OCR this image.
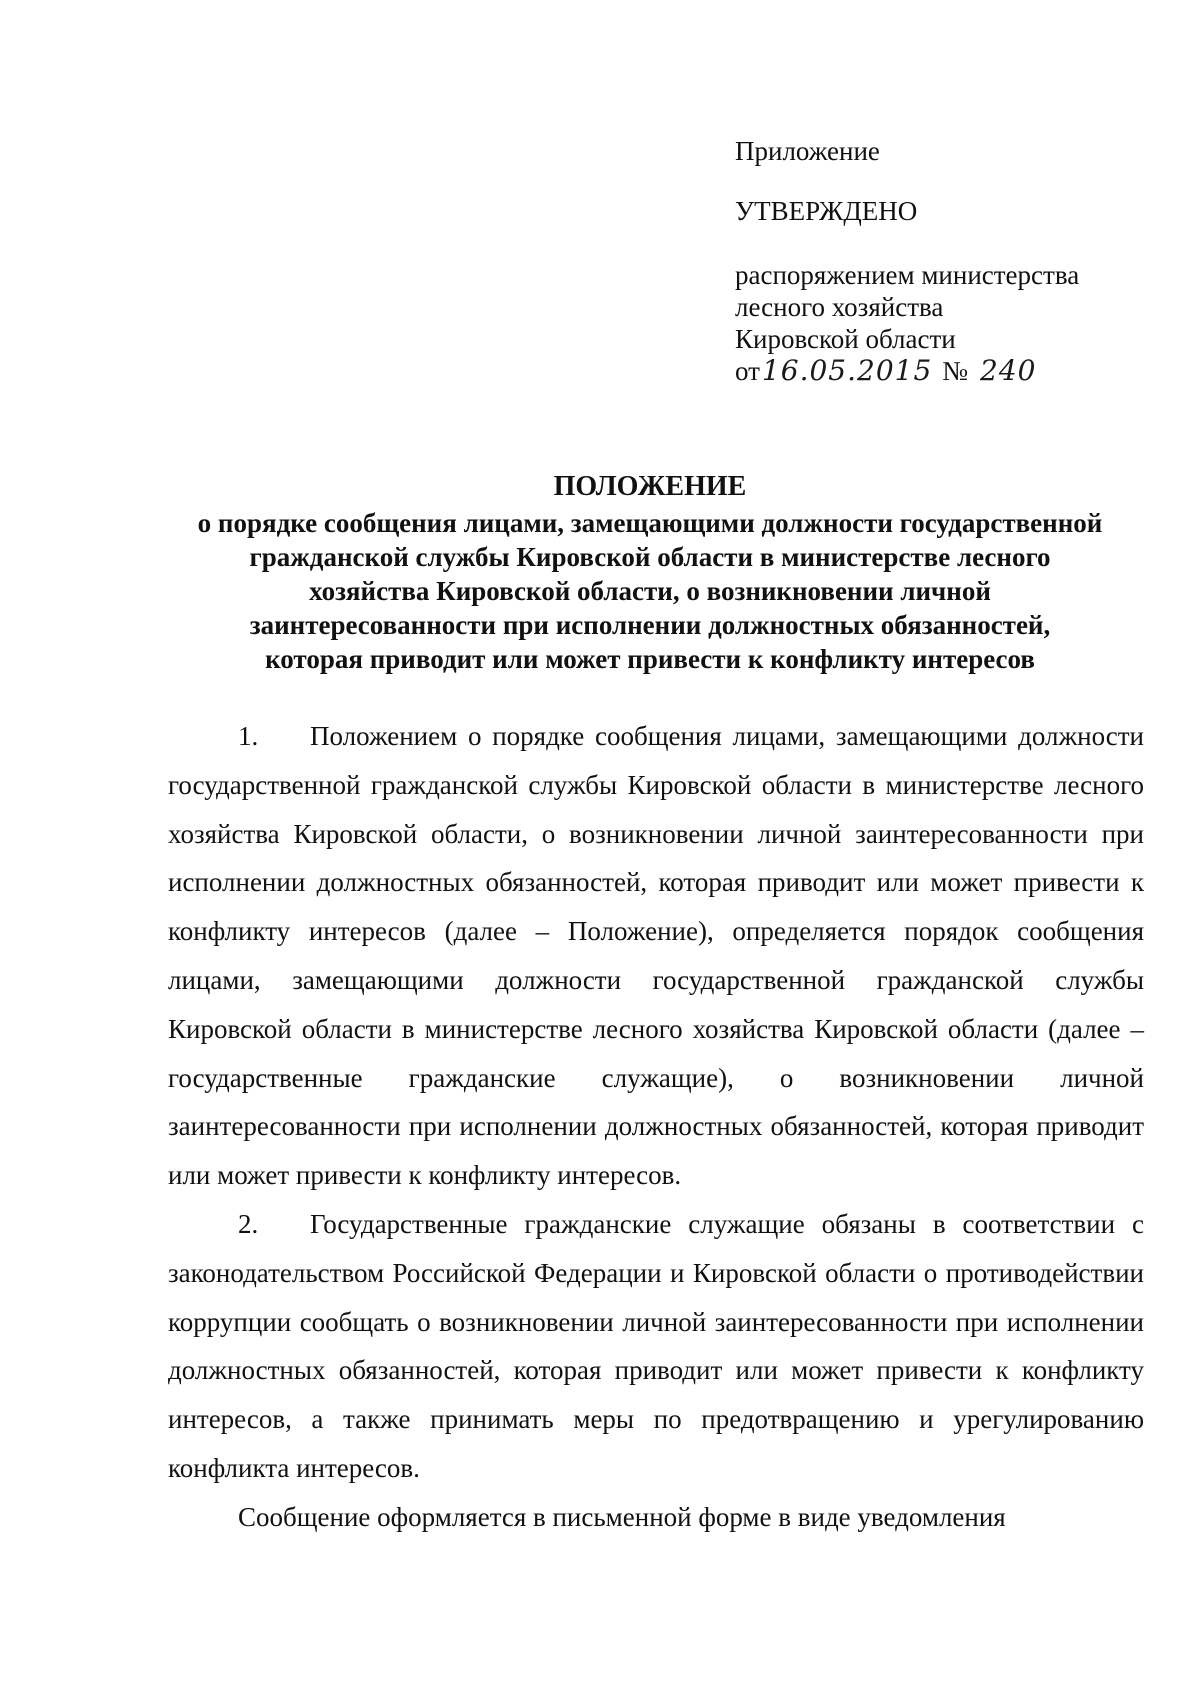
Приложение
УТВЕРЖДЕНО
распоряжением министерства
лесного хозяйства
Кировской области
от 16.05.2015 № 240
ПОЛОЖЕНИЕ
о порядке сообщения лицами, замещающими должности государственной
гражданской службы Кировской области в министерстве лесного
хозяйства Кировской области, о возникновении личной
заинтересованности при исполнении должностных обязанностей,
которая приводит или может привести к конфликту интересов

1. Положением о порядке сообщения лицами, замещающими должности государственной гражданской службы Кировской области в министерстве лесного хозяйства Кировской области, о возникновении личной заинтересованности при исполнении должностных обязанностей, которая приводит или может привести к конфликту интересов (далее – Положение), определяется порядок сообщения лицами, замещающими должности государственной гражданской службы Кировской области в министерстве лесного хозяйства Кировской области (далее – государственные гражданские служащие), о возникновении личной заинтересованности при исполнении должностных обязанностей, которая приводит или может привести к конфликту интересов.

2. Государственные гражданские служащие обязаны в соответствии с законодательством Российской Федерации и Кировской области о противодействии коррупции сообщать о возникновении личной заинтересованности при исполнении должностных обязанностей, которая приводит или может привести к конфликту интересов, а также принимать меры по предотвращению и урегулированию конфликта интересов.

Сообщение оформляется в письменной форме в виде уведомления
